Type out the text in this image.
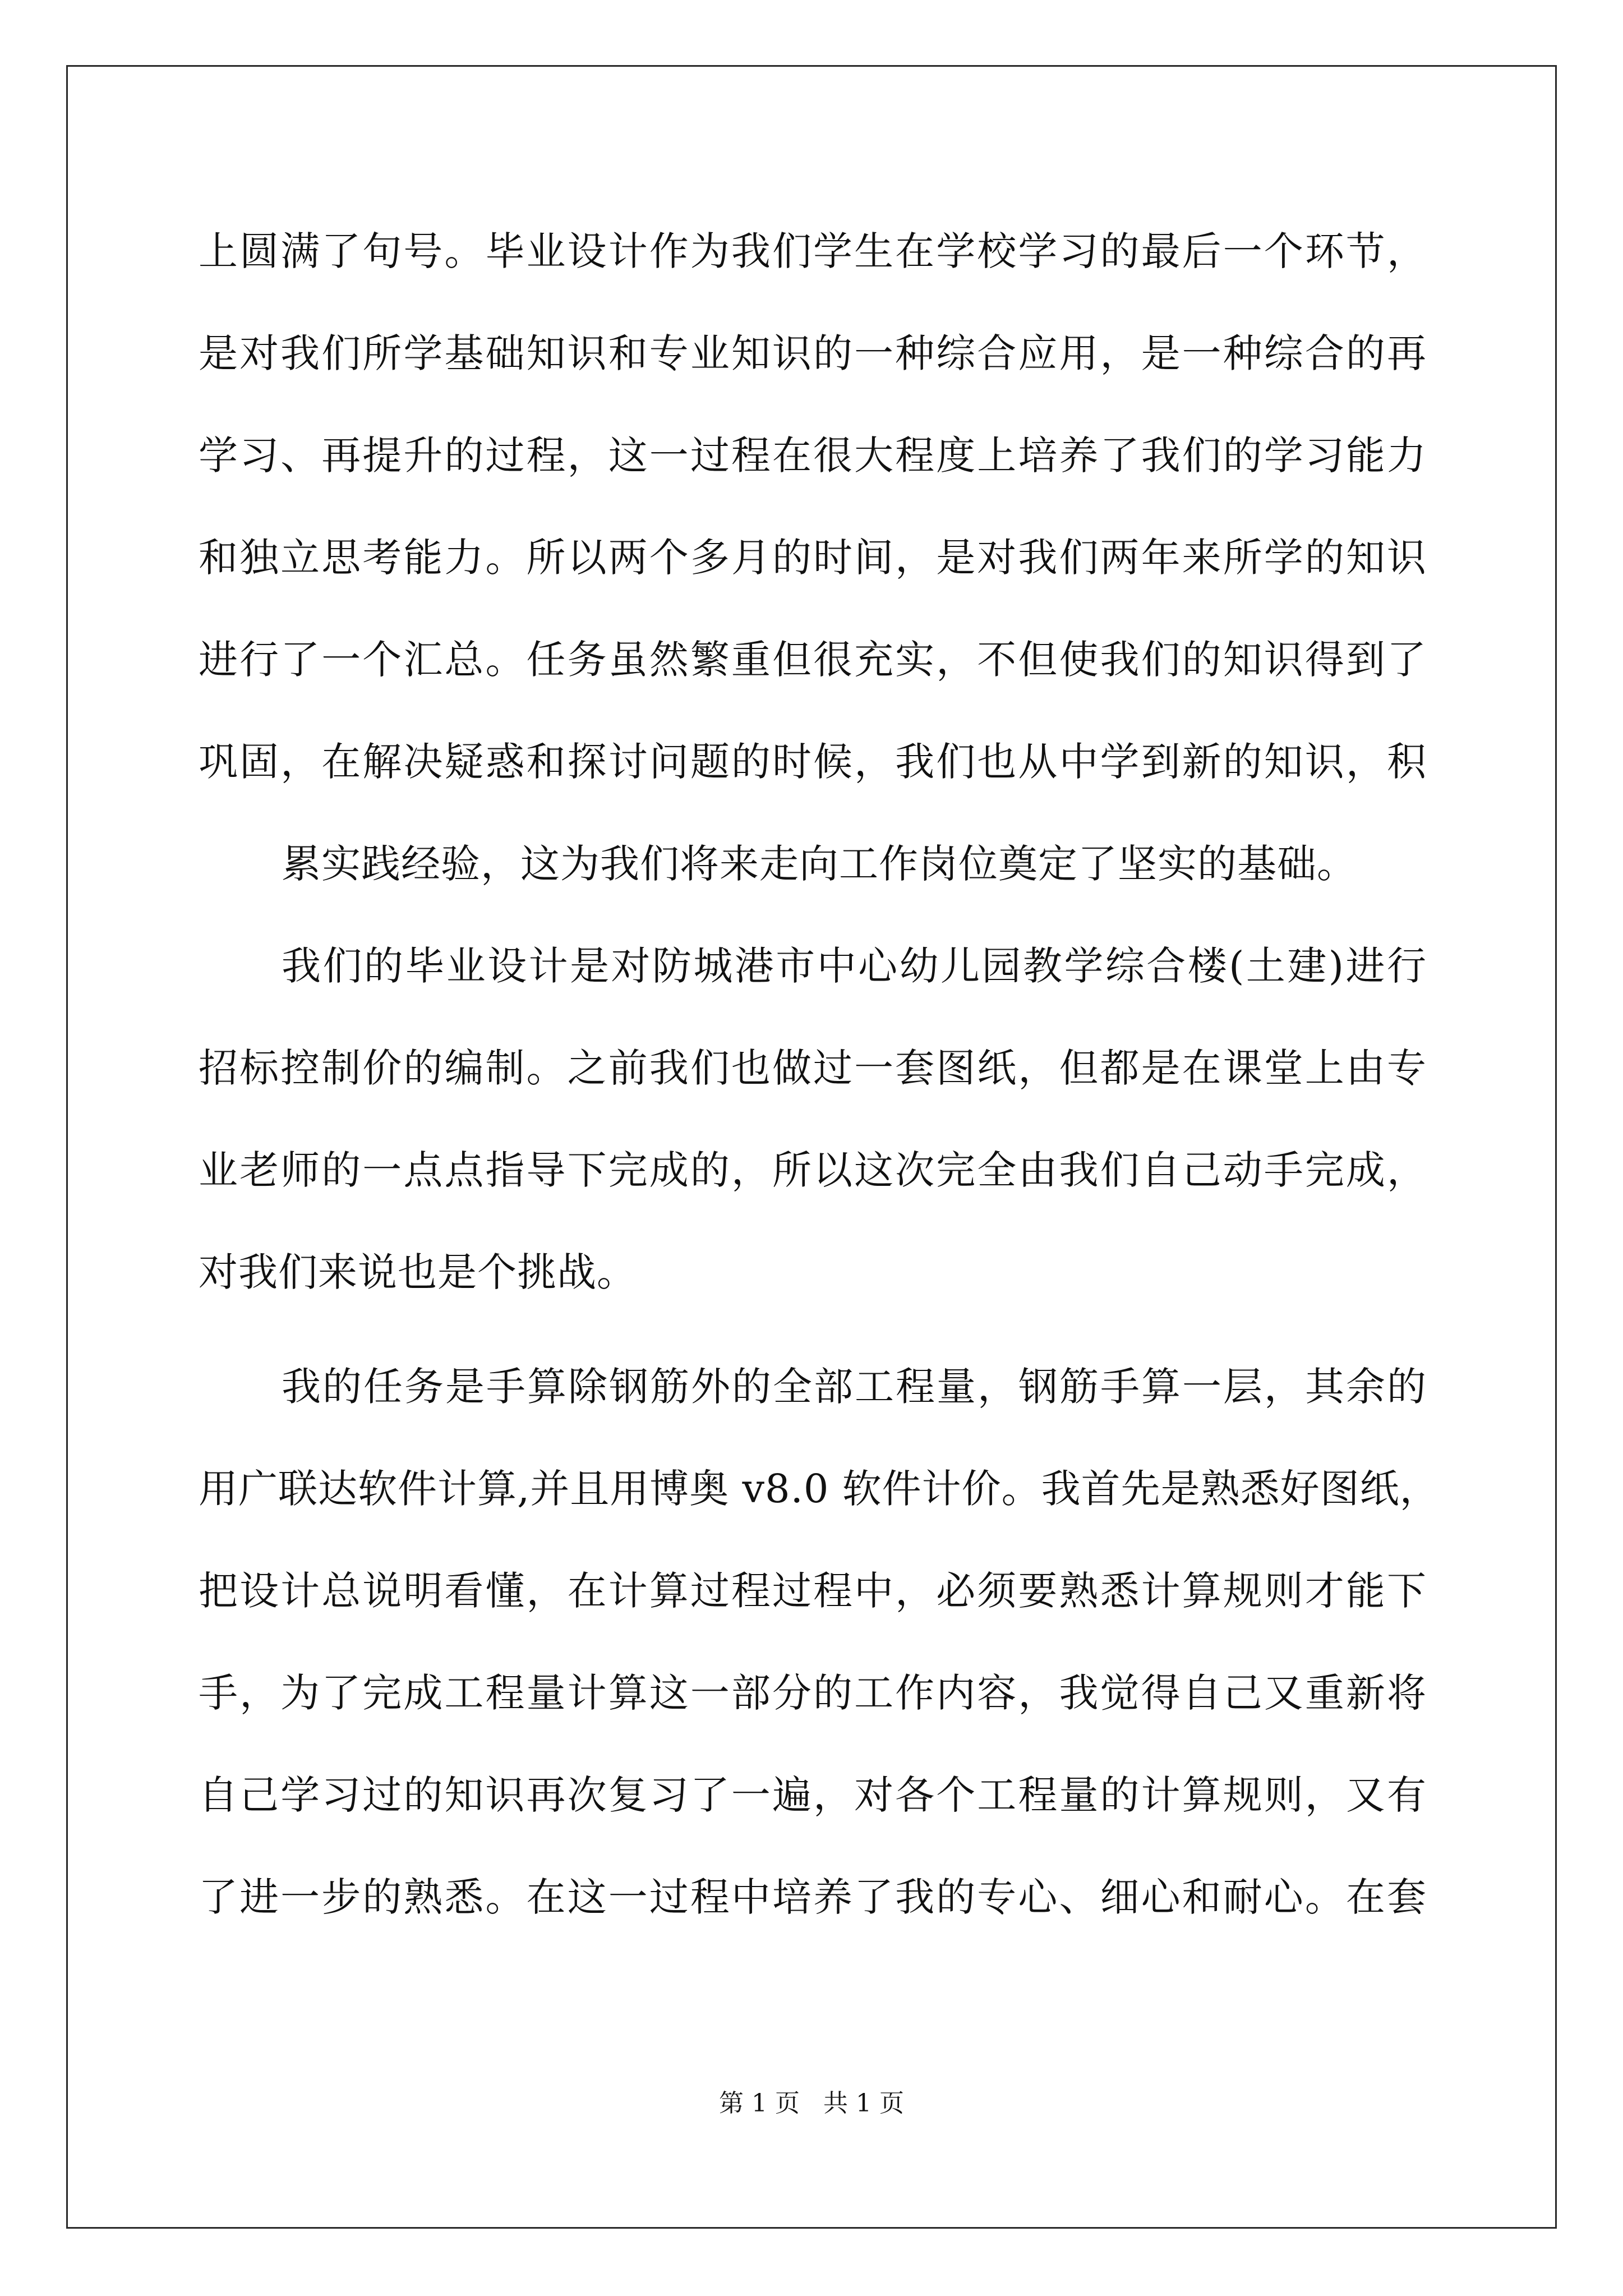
上圆满了句号。毕业设计作为我们学生在学校学习的最后一个环节，
是对我们所学基础知识和专业知识的一种综合应用，是一种综合的再
学习、再提升的过程，这一过程在很大程度上培养了我们的学习能力
和独立思考能力。所以两个多月的时间，是对我们两年来所学的知识
进行了一个汇总。任务虽然繁重但很充实，不但使我们的知识得到了
巩固，在解决疑惑和探讨问题的时候，我们也从中学到新的知识，积
累实践经验，这为我们将来走向工作岗位奠定了坚实的基础。
我们的毕业设计是对防城港市中心幼儿园教学综合楼(土建)进行
招标控制价的编制。之前我们也做过一套图纸，但都是在课堂上由专
业老师的一点点指导下完成的，所以这次完全由我们自己动手完成，
对我们来说也是个挑战。
我的任务是手算除钢筋外的全部工程量，钢筋手算一层，其余的
用广联达软件计算,并且用博奥 v8.0 软件计价。我首先是熟悉好图纸，
把设计总说明看懂，在计算过程过程中，必须要熟悉计算规则才能下
手，为了完成工程量计算这一部分的工作内容，我觉得自己又重新将
自己学习过的知识再次复习了一遍，对各个工程量的计算规则，又有
了进一步的熟悉。在这一过程中培养了我的专心、细心和耐心。在套
第 1 页   共 1 页
